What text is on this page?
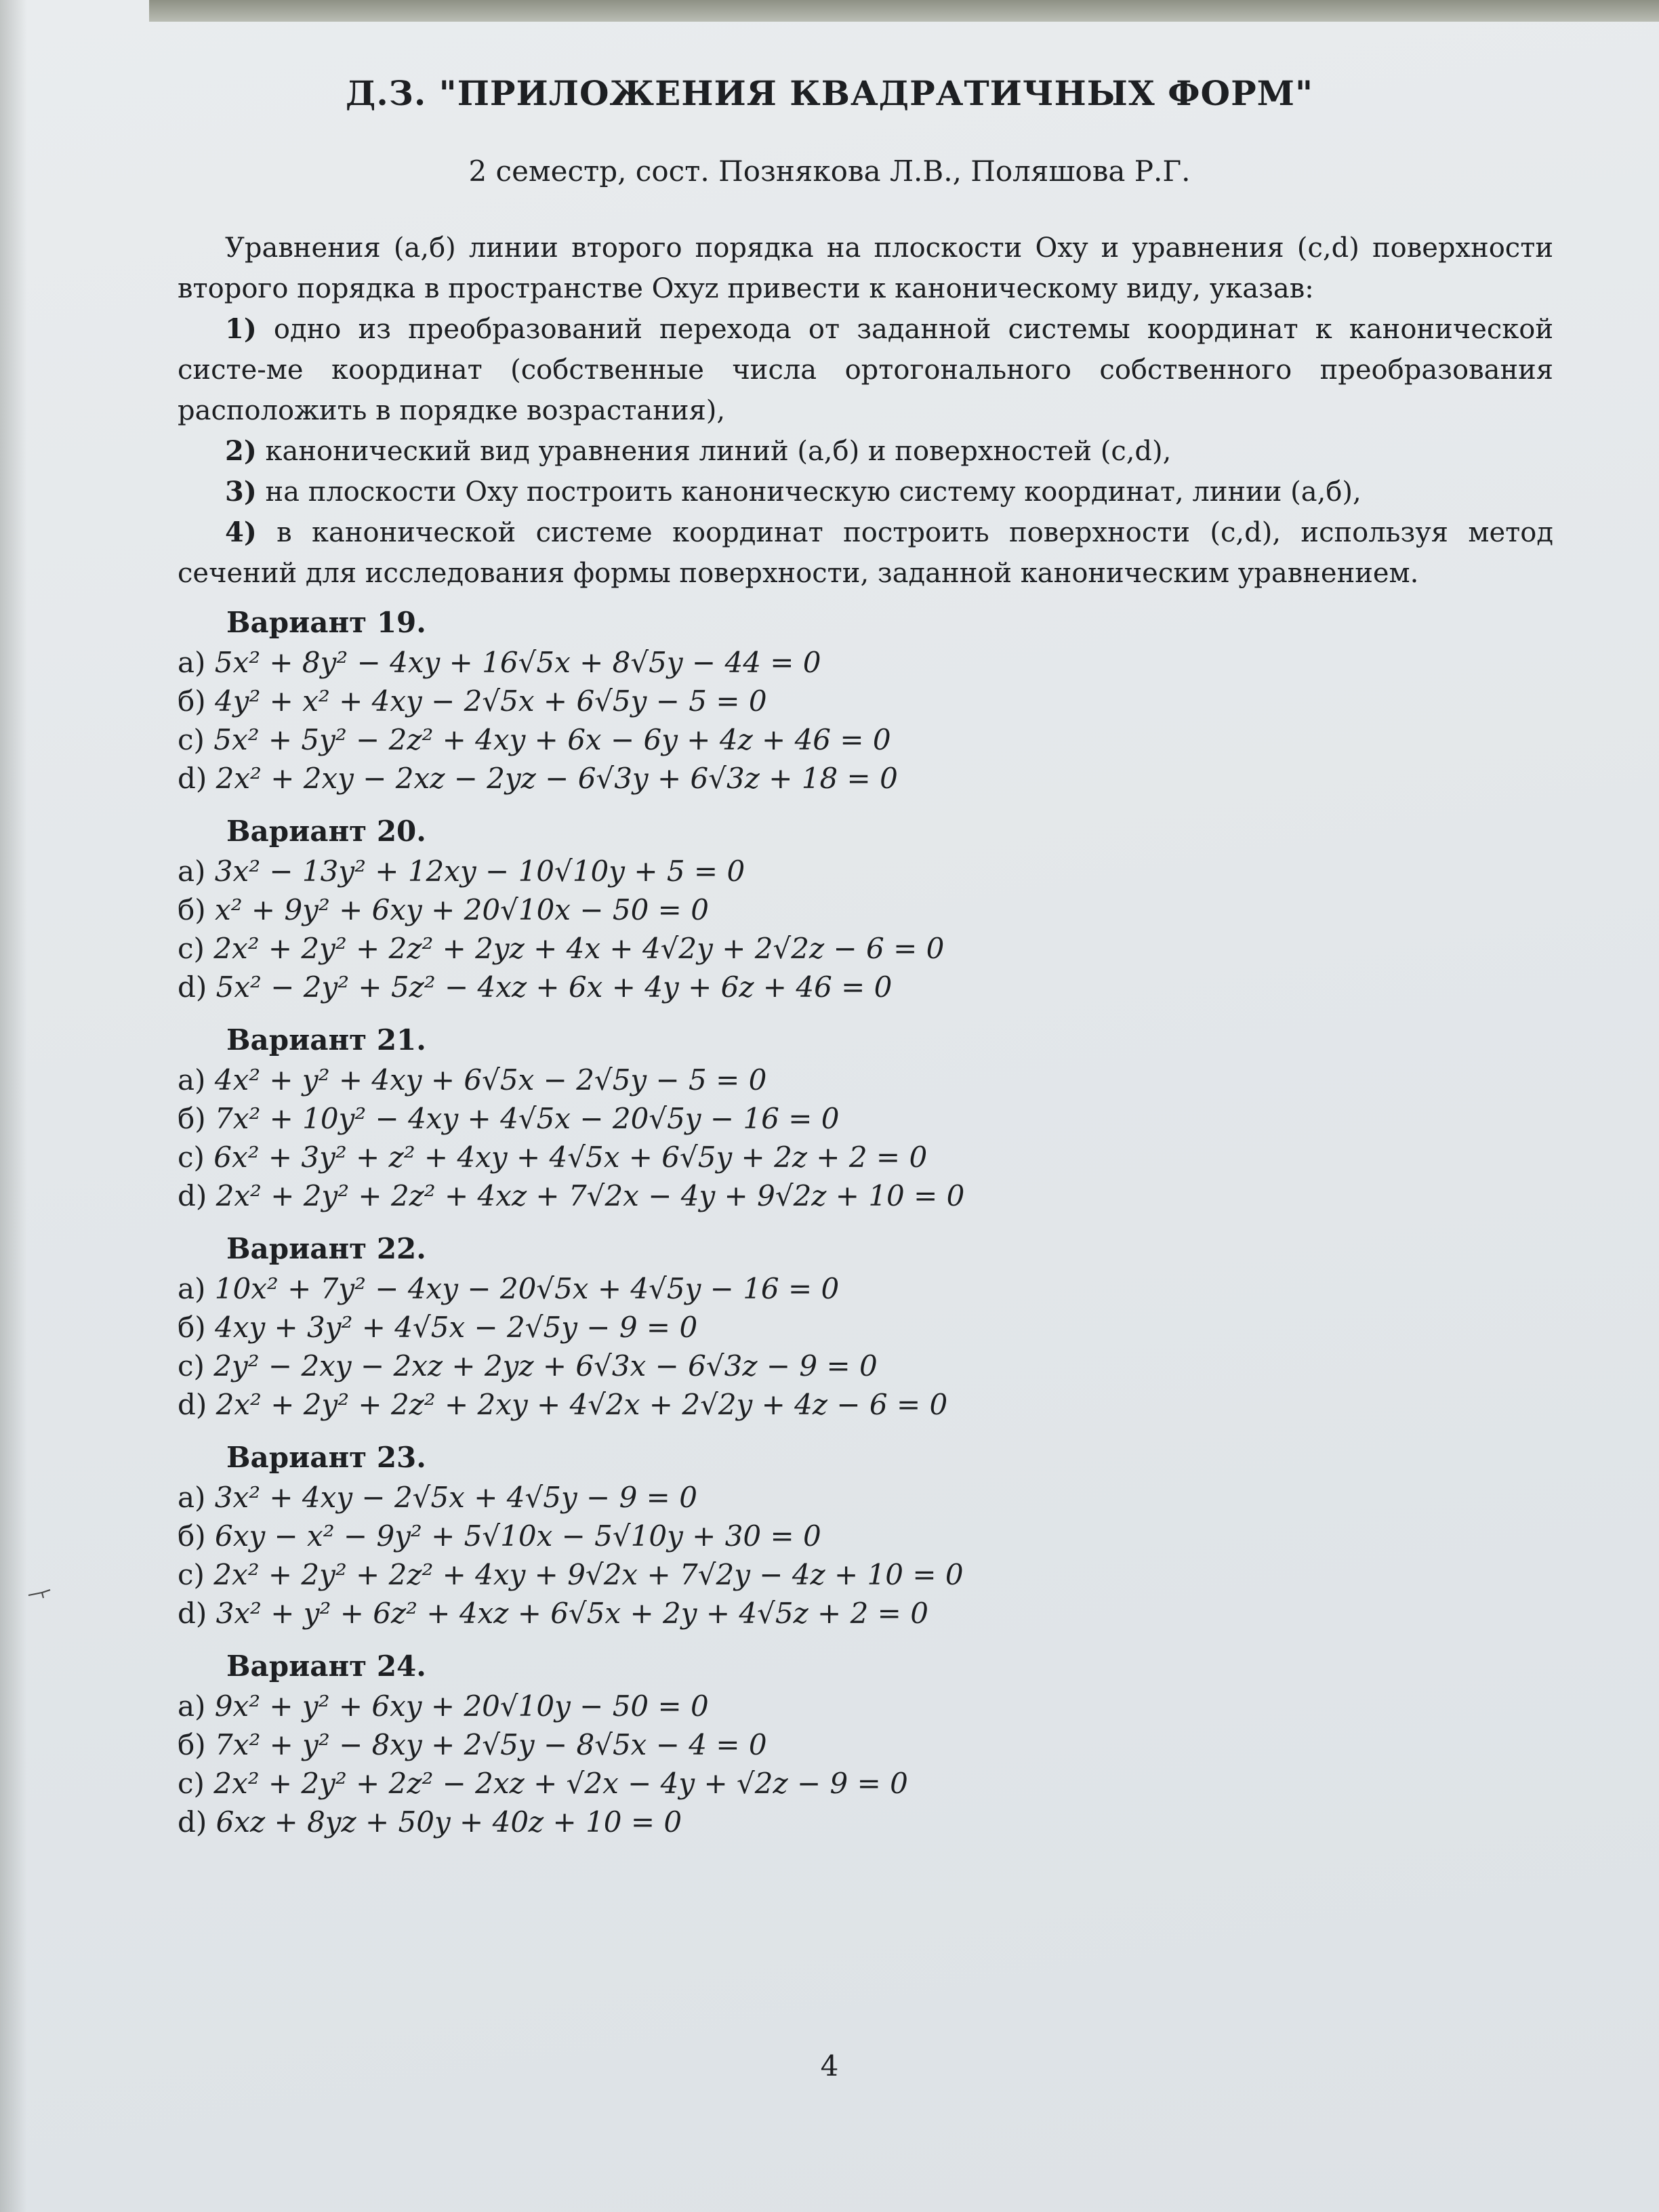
Д.З. "ПРИЛОЖЕНИЯ КВАДРАТИЧНЫХ ФОРМ"
2 семестр, сост. Познякова Л.В., Поляшова Р.Г.

Уравнения (а,б) линии второго порядка на плоскости Oxy и уравнения (c,d) поверхности второго порядка в пространстве Oxyz привести к каноническому виду, указав:

1) одно из преобразований перехода от заданной системы координат к канонической систе-ме координат (собственные числа ортогонального собственного преобразования расположить в порядке возрастания),

2) канонический вид уравнения линий (а,б) и поверхностей (c,d),

3) на плоскости Oxy построить каноническую систему координат, линии (а,б),

4) в канонической системе координат построить поверхности (c,d), используя метод сечений для исследования формы поверхности, заданной каноническим уравнением.

Вариант 19.
a) 5x² + 8y² − 4xy + 16√5x + 8√5y − 44 = 0
б) 4y² + x² + 4xy − 2√5x + 6√5y − 5 = 0
c) 5x² + 5y² − 2z² + 4xy + 6x − 6y + 4z + 46 = 0
d) 2x² + 2xy − 2xz − 2yz − 6√3y + 6√3z + 18 = 0
Вариант 20.
a) 3x² − 13y² + 12xy − 10√10y + 5 = 0
б) x² + 9y² + 6xy + 20√10x − 50 = 0
c) 2x² + 2y² + 2z² + 2yz + 4x + 4√2y + 2√2z − 6 = 0
d) 5x² − 2y² + 5z² − 4xz + 6x + 4y + 6z + 46 = 0
Вариант 21.
a) 4x² + y² + 4xy + 6√5x − 2√5y − 5 = 0
б) 7x² + 10y² − 4xy + 4√5x − 20√5y − 16 = 0
c) 6x² + 3y² + z² + 4xy + 4√5x + 6√5y + 2z + 2 = 0
d) 2x² + 2y² + 2z² + 4xz + 7√2x − 4y + 9√2z + 10 = 0
Вариант 22.
a) 10x² + 7y² − 4xy − 20√5x + 4√5y − 16 = 0
б) 4xy + 3y² + 4√5x − 2√5y − 9 = 0
c) 2y² − 2xy − 2xz + 2yz + 6√3x − 6√3z − 9 = 0
d) 2x² + 2y² + 2z² + 2xy + 4√2x + 2√2y + 4z − 6 = 0
Вариант 23.
a) 3x² + 4xy − 2√5x + 4√5y − 9 = 0
б) 6xy − x² − 9y² + 5√10x − 5√10y + 30 = 0
c) 2x² + 2y² + 2z² + 4xy + 9√2x + 7√2y − 4z + 10 = 0
d) 3x² + y² + 6z² + 4xz + 6√5x + 2y + 4√5z + 2 = 0
Вариант 24.
a) 9x² + y² + 6xy + 20√10y − 50 = 0
б) 7x² + y² − 8xy + 2√5y − 8√5x − 4 = 0
c) 2x² + 2y² + 2z² − 2xz + √2x − 4y + √2z − 9 = 0
d) 6xz + 8yz + 50y + 40z + 10 = 0
4
